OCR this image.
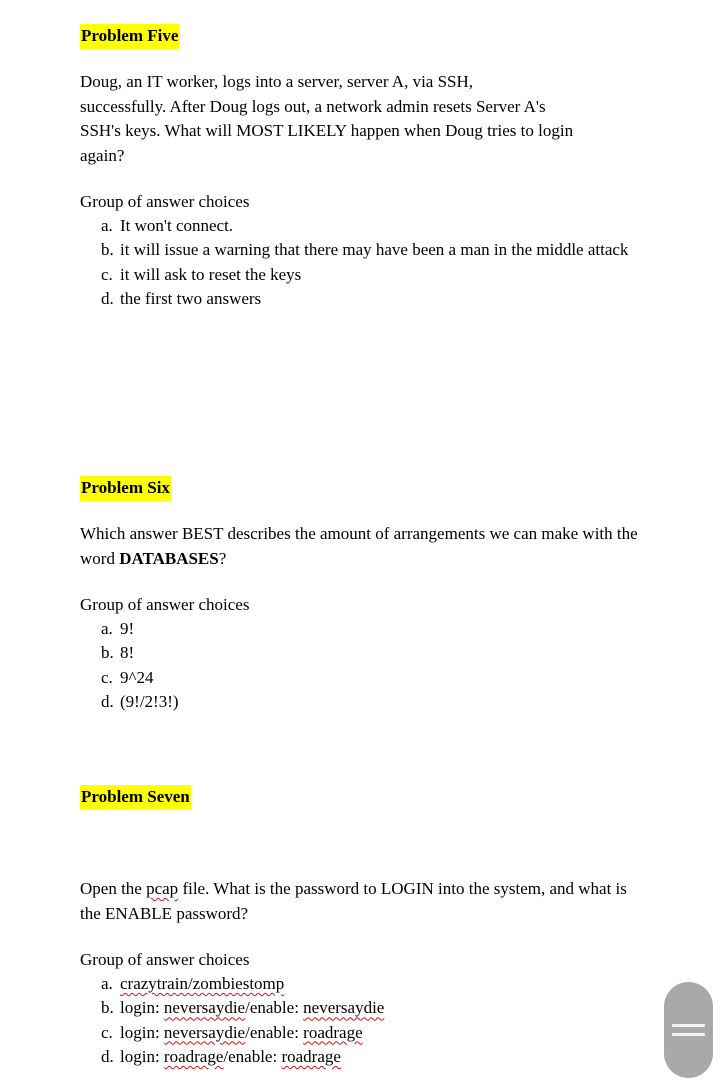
Problem Five
Doug, an IT worker, logs into a server, server A, via SSH,
successfully. After Doug logs out, a network admin resets Server A's
SSH's keys. What will MOST LIKELY happen when Doug tries to login
again?
Group of answer choices
a. It won't connect.
b. it will issue a warning that there may have been a man in the middle attack
c. it will ask to reset the keys
d. the first two answers
Problem Six
Which answer BEST describes the amount of arrangements we can make with the word DATABASES?
Group of answer choices
a. 9!
b. 8!
c. 9^24
d. (9!/2!3!)
Problem Seven
Open the pcap file. What is the password to LOGIN into the system, and what is the ENABLE password?
Group of answer choices
a. crazytrain/zombiestomp
b. login: neversaydie/enable: neversaydie
c. login: neversaydie/enable: roadrage
d. login: roadrage/enable: roadrage
